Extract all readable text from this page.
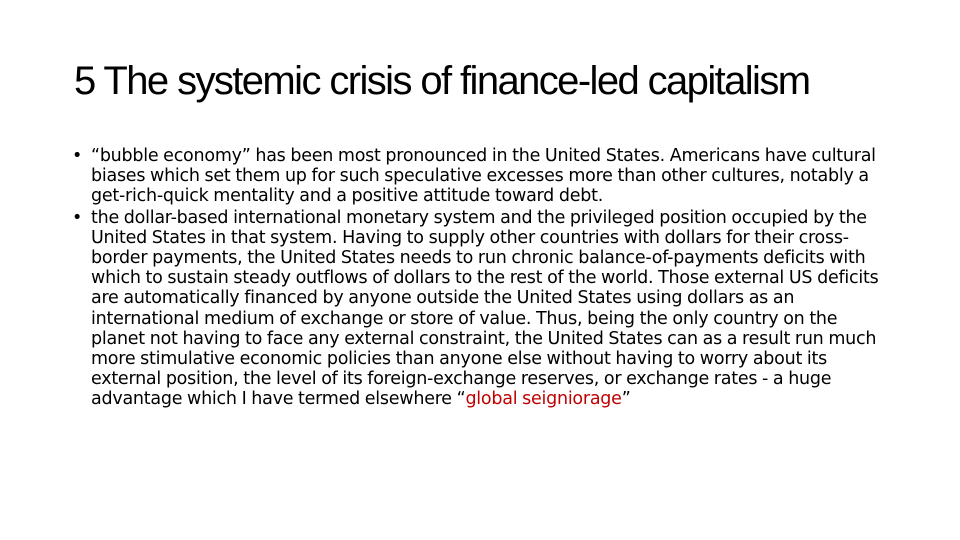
5 The systemic crisis of finance-led capitalism
• “bubble economy” has been most pronounced in the United States. Americans have cultural biases which set them up for such speculative excesses more than other cultures, notably a get-rich-quick mentality and a positive attitude toward debt.
• the dollar-based international monetary system and the privileged position occupied by the United States in that system. Having to supply other countries with dollars for their cross-border payments, the United States needs to run chronic balance-of-payments deficits with which to sustain steady outflows of dollars to the rest of the world. Those external US deficits are automatically financed by anyone outside the United States using dollars as an international medium of exchange or store of value. Thus, being the only country on the planet not having to face any external constraint, the United States can as a result run much more stimulative economic policies than anyone else without having to worry about its external position, the level of its foreign-exchange reserves, or exchange rates - a huge advantage which I have termed elsewhere “global seigniorage”
